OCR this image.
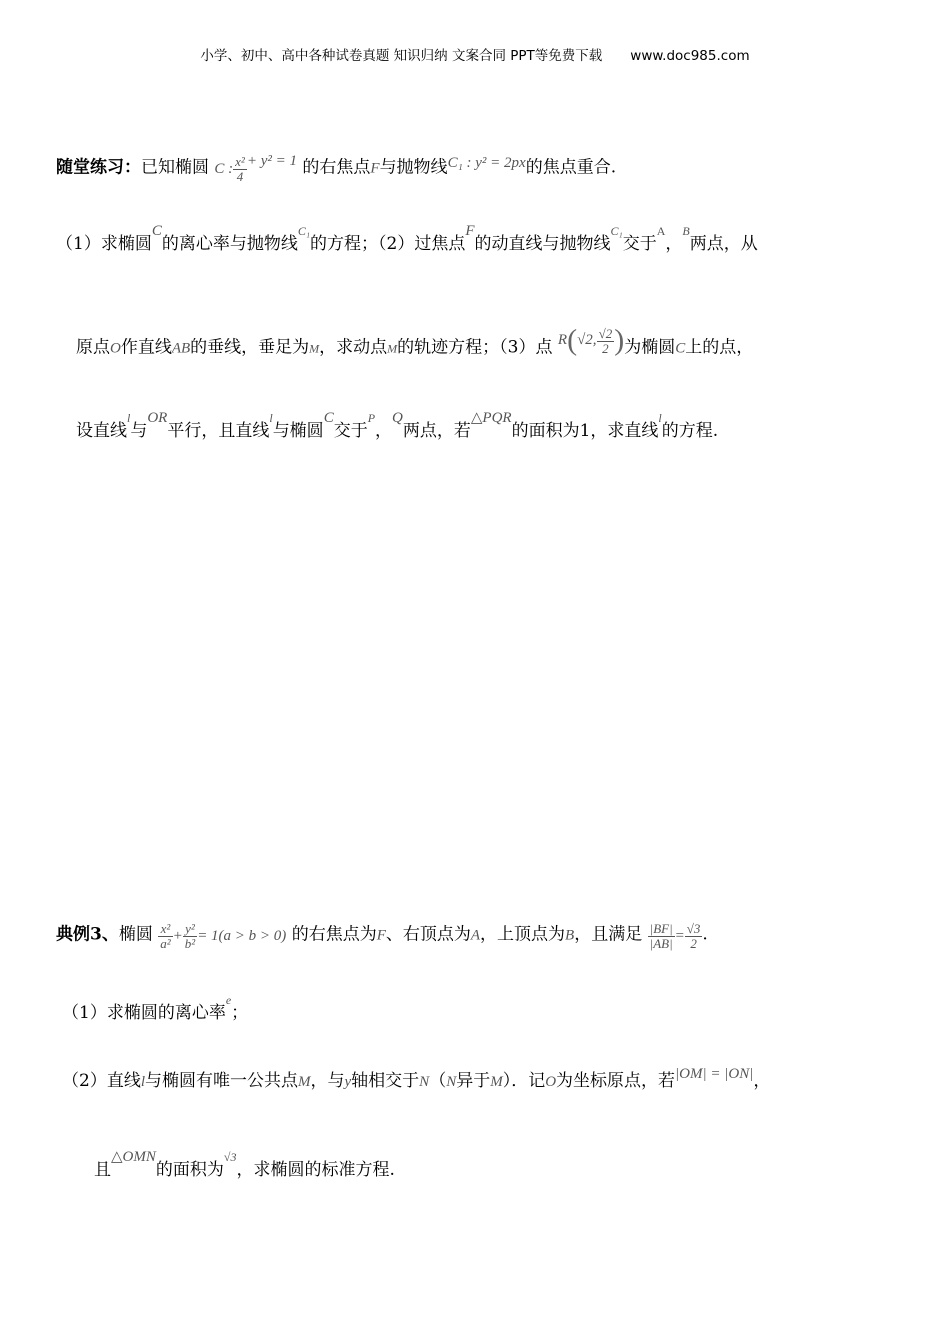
小学、初中、高中各种试卷真题 知识归纳 文案合同 PPT等免费下载 www.doc985.com
随堂练习：已知椭圆 C : $\frac{\text{x²}}{4} + y^2 = 1$ 的右焦点F与抛物线C₁ : y² = 2px的焦点重合.
（1）求椭圆C的离心率与抛物线$^{C_1}$的方程；（2）过焦点F的动直线与抛物线$^{C_1}$交于$^A$，$^B$两点，从
原点O作直线AB的垂线，垂足为M，求动点M的轨迹方程；（3）点 R(√2, $\frac{√2}{2}$ )为椭圆C上的点，
设直线$^l$与OR平行，且直线$^l$与椭圆C交于$^P$，Q两点，若△PQR的面积为1，求直线$^l$的方程.
典例3、椭圆 $\frac{\text{x²}}{\text{a²}} + \frac{\text{y²}}{\text{b²}} = 1(a > b > 0)$ 的右焦点为F、右顶点为A，上顶点为B，且满足 $\frac{|BF|}{|AB|} = \frac{√3}{2}$ .
（1）求椭圆的离心率$^e$；
（2）直线l与椭圆有唯一公共点M，与y轴相交于N（N异于M）．记O为坐标原点，若|OM| = |ON|，
且△OMN的面积为$^{√3}$，求椭圆的标准方程.
